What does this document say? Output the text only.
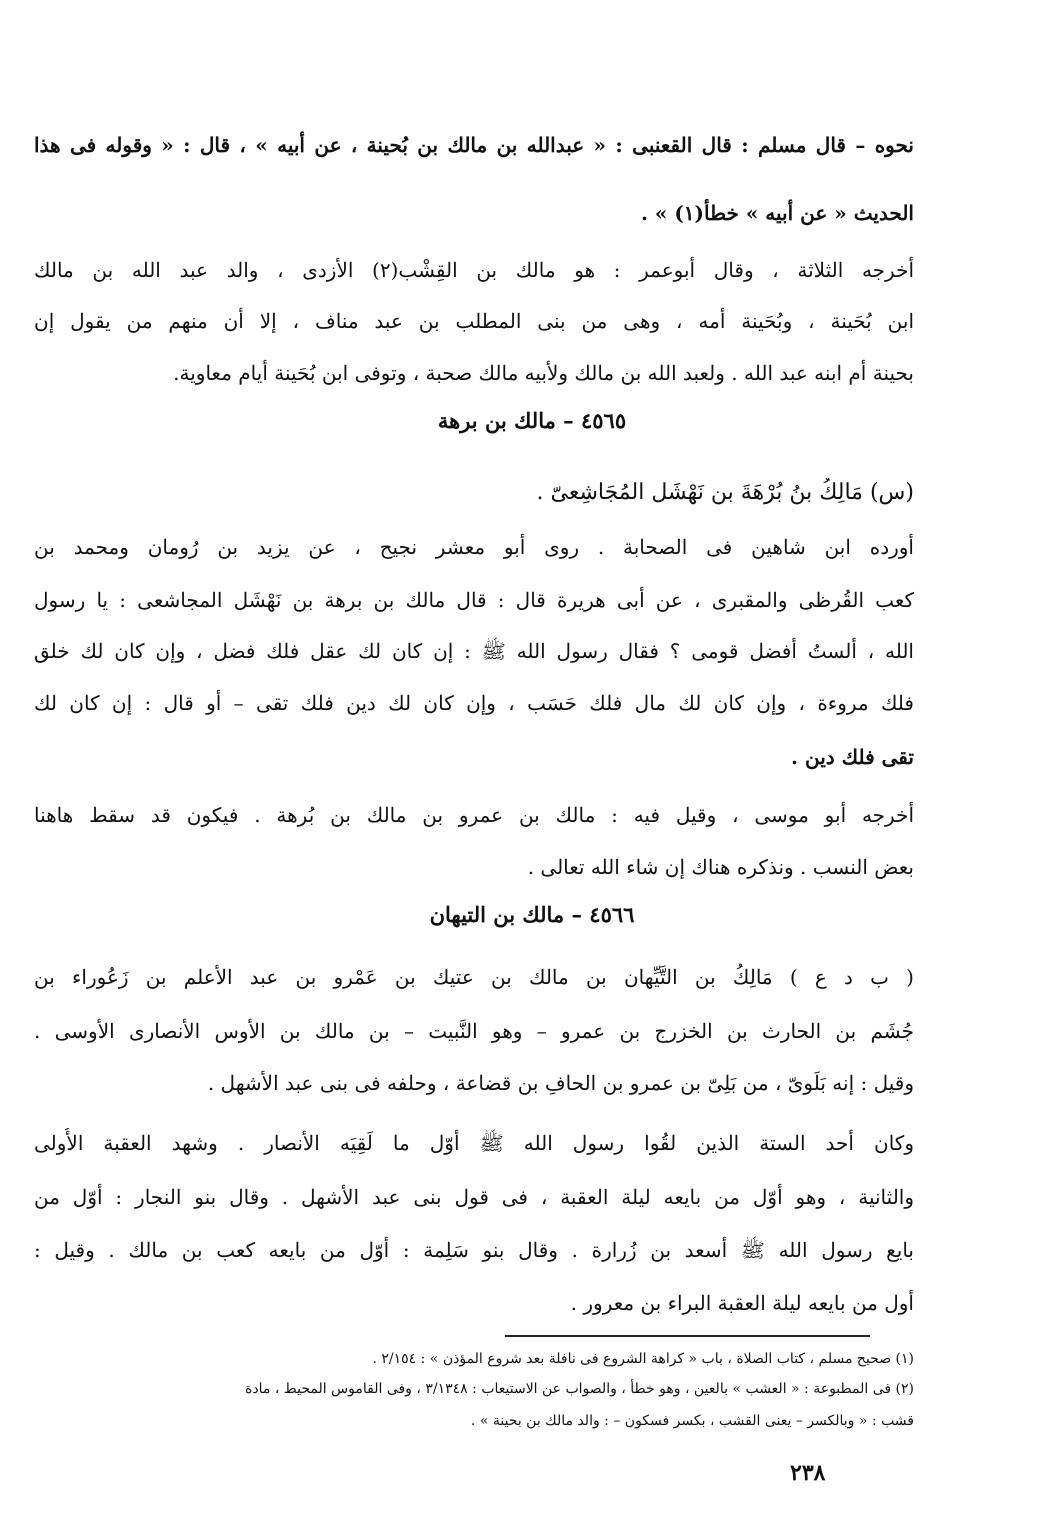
نحوه – قال مسلم : قال القعنبى : « عبدالله بن مالك بن بُحينة ، عن أبيه » ، قال : « وقوله فى هذا
الحديث « عن أبيه » خطأ(١) » .
أخرجه الثلاثة ، وقال أبوعمر : هو مالك بن القِشْب(٢) الأزدى ، والد عبد الله بن مالك
ابن بُحَينة ، وبُحَينة أمه ، وهى من بنى المطلب بن عبد مناف ، إلا أن منهم من يقول إن
بحينة أم ابنه عبد الله . ولعبد الله بن مالك ولأبيه مالك صحبة ، وتوفى ابن بُحَينة أيام معاوية.
٤٥٦٥ – مالك بن برهة
(س) مَالِكُ بنُ بُرْهَةَ بن نَهْشَل المُجَاشِعىّ .
أورده ابن شاهين فى الصحابة . روى أبو معشر نجيح ، عن يزيد بن رُومان ومحمد بن
كعب القُرظى والمقبرى ، عن أبى هريرة قال : قال مالك بن برهة بن نَهْشَل المجاشعى : يا رسول
الله ، ألستُ أفضل قومى ؟ فقال رسول الله ﷺ : إن كان لك عقل فلك فضل ، وإن كان لك خلق
فلك مروءة ، وإن كان لك مال فلك حَسَب ، وإن كان لك دين فلك تقى – أو قال : إن كان لك
تقى فلك دين .
أخرجه أبو موسى ، وقيل فيه : مالك بن عمرو بن مالك بن بُرهة . فيكون قد سقط هاهنا
بعض النسب . ونذكره هناك إن شاء الله تعالى .
٤٥٦٦ – مالك بن التيهان
( ب د ع ) مَالِكُ بن التَّيِّهان بن مالك بن عتيك بن عَمْرو بن عبد الأعلم بن زَعُوراء بن
جُشَم بن الحارث بن الخزرج بن عمرو – وهو النَّبيت – بن مالك بن الأوس الأنصارى الأوسى .
وقيل : إنه بَلَوىّ ، من بَلِىّ بن عمرو بن الحافِ بن قضاعة ، وحلفه فى بنى عبد الأشهل .
وكان أحد الستة الذين لقُوا رسول الله ﷺ أوّل ما لَقِيَه الأنصار . وشهد العقبة الأُولى
والثانية ، وهو أوّل من بايعه ليلة العقبة ، فى قول بنى عبد الأشهل . وقال بنو النجار : أوّل من
بايع رسول الله ﷺ أسعد بن زُرارة . وقال بنو سَلِمة : أوّل من بايعه كعب بن مالك . وقيل :
أول من بايعه ليلة العقبة البراء بن معرور .
(١) صحيح مسلم ، كتاب الصلاة ، باب « كراهة الشروع فى نافلة بعد شروع المؤذن » : ٢/١٥٤ .
(٢) فى المطبوعة : « العشب » بالعين ، وهو خطأ ، والصواب عن الاستيعاب : ٣/١٣٤٨ ، وفى القاموس المحيط ، مادة
قشب : « وبالكسر – يعنى القشب ، بكسر فسكون – : والد مالك بن بحينة » .
٢٣٨
